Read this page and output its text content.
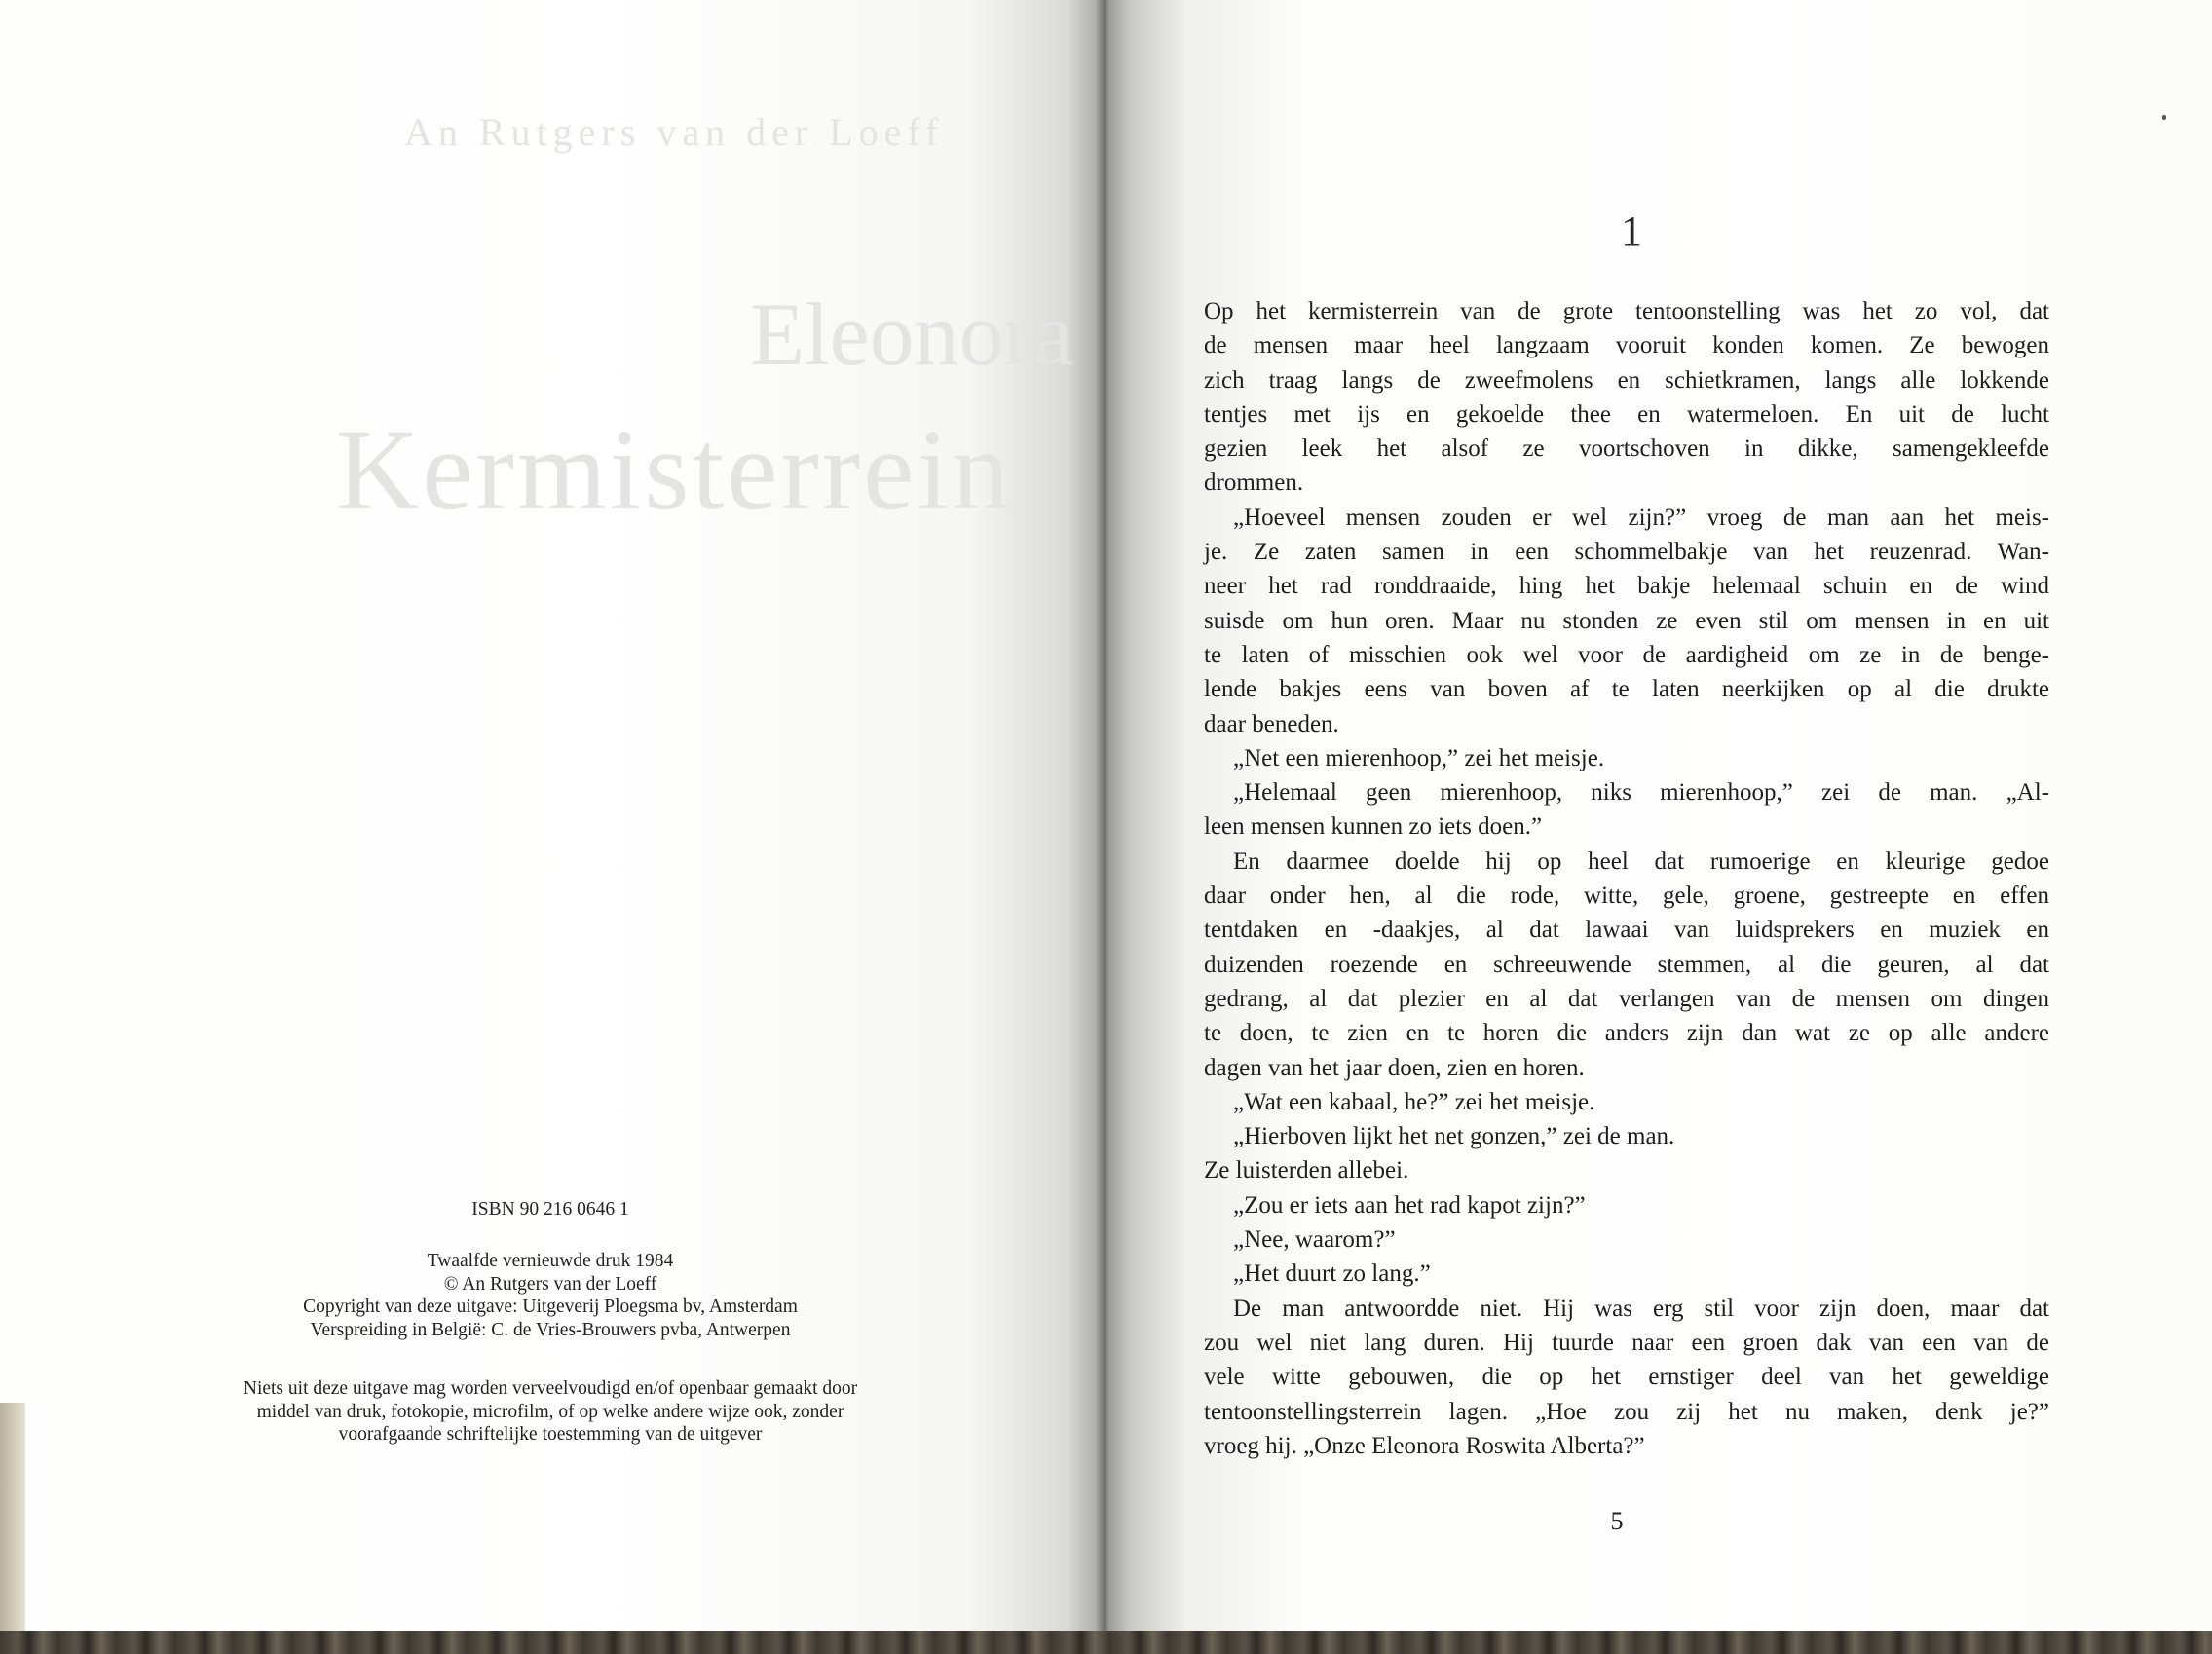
An Rutgers van der Loeff
Eleonora
Kermisterrein
ISBN 90 216 0646 1
Twaalfde vernieuwde druk 1984
© An Rutgers van der Loeff
Copyright van deze uitgave: Uitgeverij Ploegsma bv, Amsterdam
Verspreiding in België: C. de Vries-Brouwers pvba, Antwerpen
Niets uit deze uitgave mag worden verveelvoudigd en/of openbaar gemaakt door
middel van druk, fotokopie, microfilm, of op welke andere wijze ook, zonder
voorafgaande schriftelijke toestemming van de uitgever
1
Op het kermisterrein van de grote tentoonstelling was het zo vol, dat
de mensen maar heel langzaam vooruit konden komen. Ze bewogen
zich traag langs de zweefmolens en schietkramen, langs alle lokkende
tentjes met ijs en gekoelde thee en watermeloen. En uit de lucht
gezien leek het alsof ze voortschoven in dikke, samengekleefde
drommen.
„Hoeveel mensen zouden er wel zijn?” vroeg de man aan het meis-
je. Ze zaten samen in een schommelbakje van het reuzenrad. Wan-
neer het rad ronddraaide, hing het bakje helemaal schuin en de wind
suisde om hun oren. Maar nu stonden ze even stil om mensen in en uit
te laten of misschien ook wel voor de aardigheid om ze in de benge-
lende bakjes eens van boven af te laten neerkijken op al die drukte
daar beneden.
„Net een mierenhoop,” zei het meisje.
„Helemaal geen mierenhoop, niks mierenhoop,” zei de man. „Al-
leen mensen kunnen zo iets doen.”
En daarmee doelde hij op heel dat rumoerige en kleurige gedoe
daar onder hen, al die rode, witte, gele, groene, gestreepte en effen
tentdaken en -daakjes, al dat lawaai van luidsprekers en muziek en
duizenden roezende en schreeuwende stemmen, al die geuren, al dat
gedrang, al dat plezier en al dat verlangen van de mensen om dingen
te doen, te zien en te horen die anders zijn dan wat ze op alle andere
dagen van het jaar doen, zien en horen.
„Wat een kabaal, he?” zei het meisje.
„Hierboven lijkt het net gonzen,” zei de man.
Ze luisterden allebei.
„Zou er iets aan het rad kapot zijn?”
„Nee, waarom?”
„Het duurt zo lang.”
De man antwoordde niet. Hij was erg stil voor zijn doen, maar dat
zou wel niet lang duren. Hij tuurde naar een groen dak van een van de
vele witte gebouwen, die op het ernstiger deel van het geweldige
tentoonstellingsterrein lagen. „Hoe zou zij het nu maken, denk je?”
vroeg hij. „Onze Eleonora Roswita Alberta?”
5
